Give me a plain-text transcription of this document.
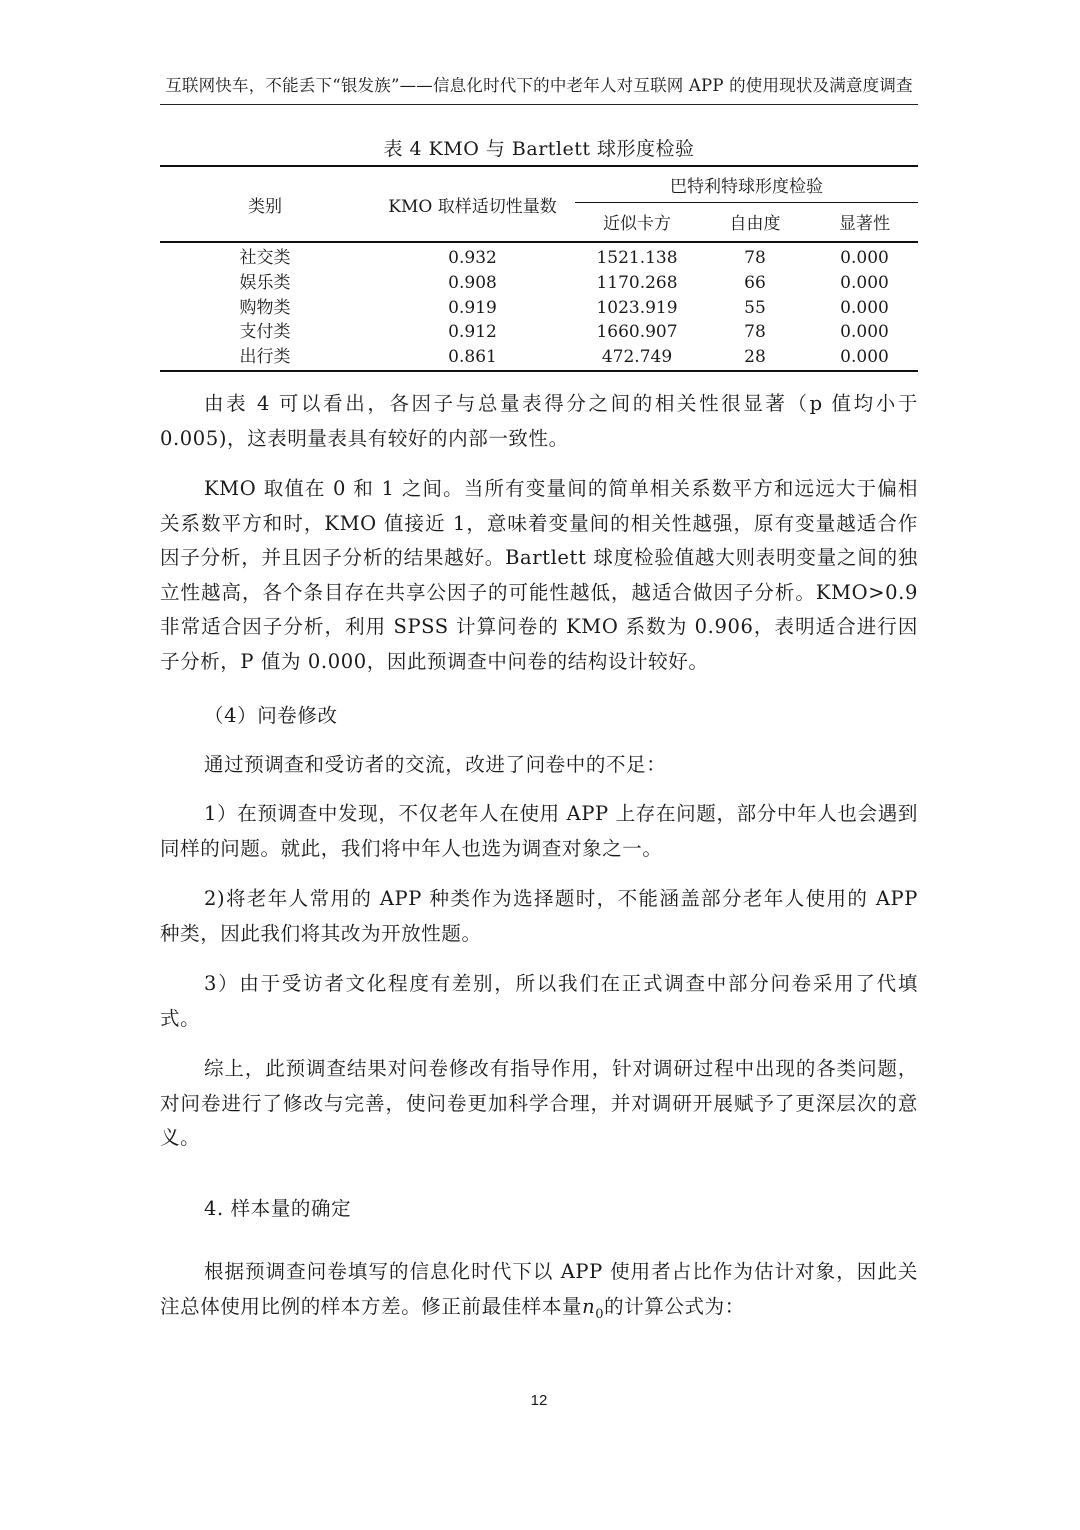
互联网快车，不能丢下“银发族”——信息化时代下的中老年人对互联网 APP 的使用现状及满意度调查
表 4 KMO 与 Bartlett 球形度检验
类别	KMO 取样适切性量数	巴特利特球形度检验		
		近似卡方	自由度	显著性
社交类	0.932	1521.138	78	0.000
娱乐类	0.908	1170.268	66	0.000
购物类	0.919	1023.919	55	0.000
支付类	0.912	1660.907	78	0.000
出行类	0.861	472.749	28	0.000

由表 4 可以看出，各因子与总量表得分之间的相关性很显著（p 值均小于 0.005)，这表明量表具有较好的内部一致性。

KMO 取值在 0 和 1 之间。当所有变量间的简单相关系数平方和远远大于偏相关系数平方和时，KMO 值接近 1，意味着变量间的相关性越强，原有变量越适合作因子分析，并且因子分析的结果越好。Bartlett 球度检验值越大则表明变量之间的独立性越高，各个条目存在共享公因子的可能性越低，越适合做因子分析。KMO>0.9 非常适合因子分析，利用 SPSS 计算问卷的 KMO 系数为 0.906，表明适合进行因子分析，P 值为 0.000，因此预调查中问卷的结构设计较好。

（4）问卷修改

通过预调查和受访者的交流，改进了问卷中的不足：

1）在预调查中发现，不仅老年人在使用 APP 上存在问题，部分中年人也会遇到同样的问题。就此，我们将中年人也选为调查对象之一。

2)将老年人常用的 APP 种类作为选择题时，不能涵盖部分老年人使用的 APP 种类，因此我们将其改为开放性题。

3）由于受访者文化程度有差别，所以我们在正式调查中部分问卷采用了代填式。

综上，此预调查结果对问卷修改有指导作用，针对调研过程中出现的各类问题，对问卷进行了修改与完善，使问卷更加科学合理，并对调研开展赋予了更深层次的意义。

4. 样本量的确定

根据预调查问卷填写的信息化时代下以 APP 使用者占比作为估计对象，因此关注总体使用比例的样本方差。修正前最佳样本量$n_0$的计算公式为：

12
